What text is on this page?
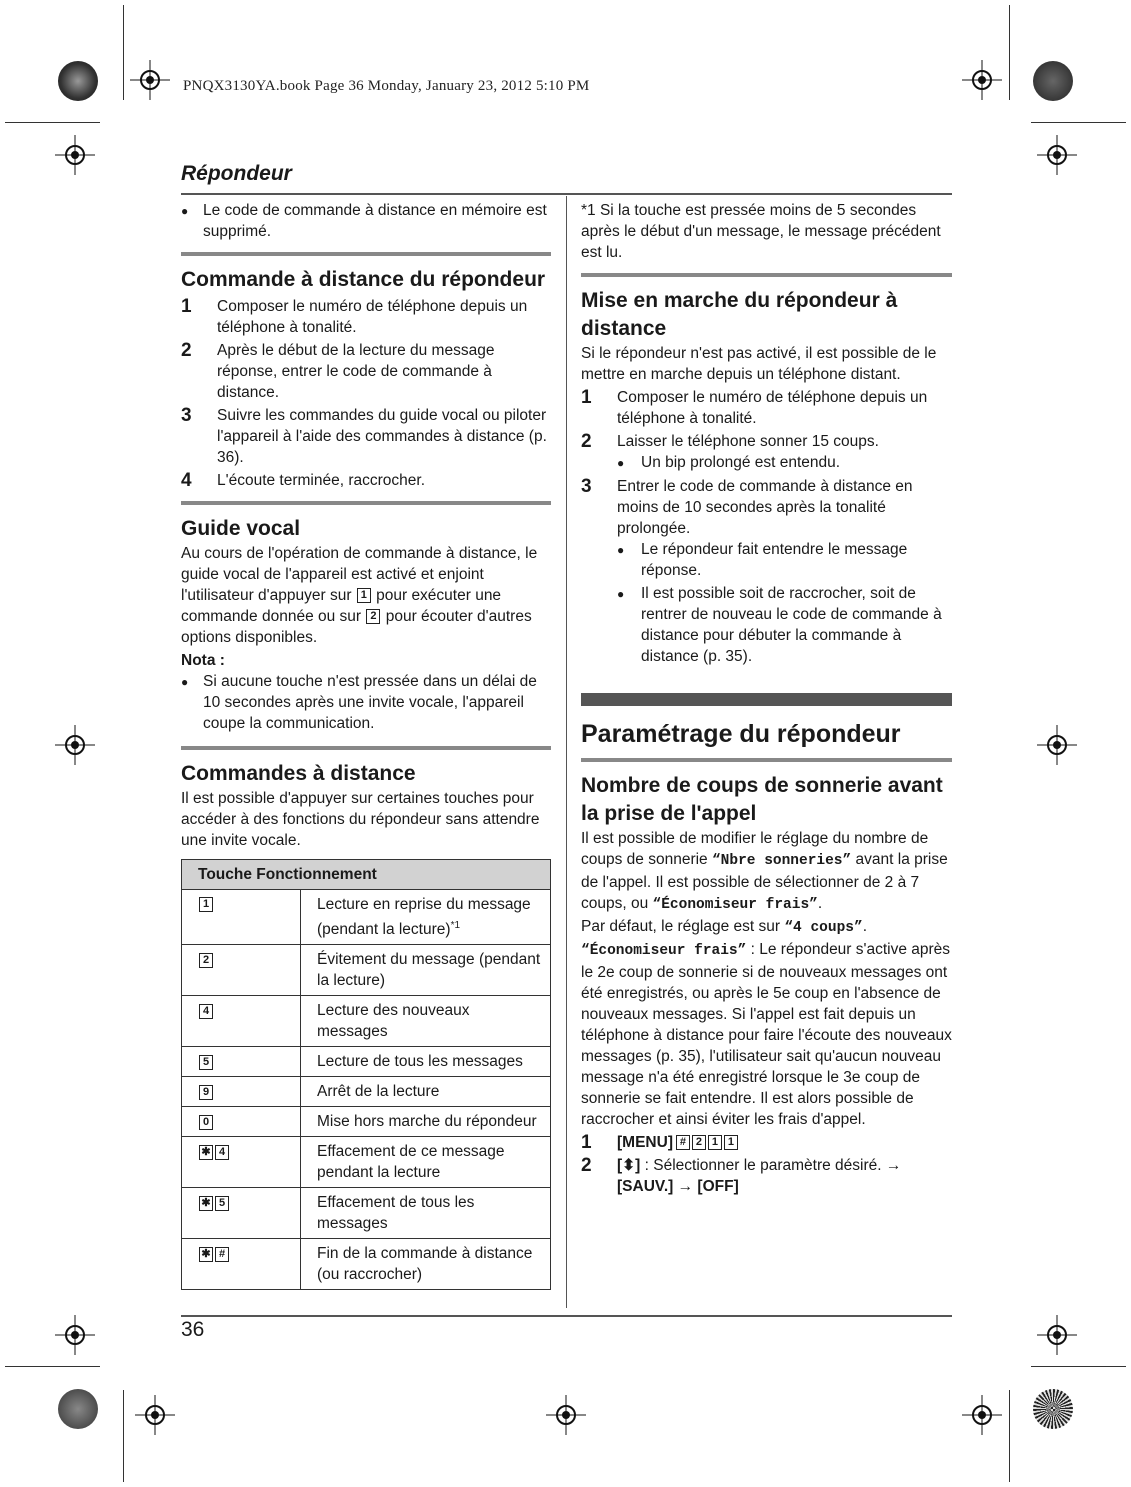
PNQX3130YA.book Page 36 Monday, January 23, 2012 5:10 PM
Répondeur
● Le code de commande à distance en mémoire est supprimé.
Commande à distance du répondeur
1	Composer le numéro de téléphone depuis un téléphone à tonalité.
2	Après le début de la lecture du message réponse, entrer le code de commande à distance.
3	Suivre les commandes du guide vocal ou piloter l'appareil à l'aide des commandes à distance (p. 36).
4	L'écoute terminée, raccrocher.
Guide vocal
Au cours de l'opération de commande à distance, le guide vocal de l'appareil est activé et enjoint l'utilisateur d'appuyer sur 1 pour exécuter une commande donnée ou sur 2 pour écouter d'autres options disponibles.
Nota :
● Si aucune touche n'est pressée dans un délai de 10 secondes après une invite vocale, l'appareil coupe la communication.
Commandes à distance
Il est possible d'appuyer sur certaines touches pour accéder à des fonctions du répondeur sans attendre une invite vocale.
Touche Fonctionnement	
1	Lecture en reprise du message (pendant la lecture)$^{*1}$
2	Évitement du message (pendant la lecture)
4	Lecture des nouveaux messages
5	Lecture de tous les messages
9	Arrêt de la lecture
0	Mise hors marche du répondeur
✱ 4	Effacement de ce message pendant la lecture
✱ 5	Effacement de tous les messages
✱ #	Fin de la commande à distance (ou raccrocher)
*1 Si la touche est pressée moins de 5 secondes après le début d'un message, le message précédent est lu.
Mise en marche du répondeur à distance
Si le répondeur n'est pas activé, il est possible de le mettre en marche depuis un téléphone distant.
1	Composer le numéro de téléphone depuis un téléphone à tonalité.
2	Laisser le téléphone sonner 15 coups.
●	Un bip prolongé est entendu.
3	Entrer le code de commande à distance en moins de 10 secondes après la tonalité prolongée.
●	Le répondeur fait entendre le message réponse.
●	Il est possible soit de raccrocher, soit de rentrer de nouveau le code de commande à distance pour débuter la commande à distance (p. 35).
Paramétrage du répondeur
Nombre de coups de sonnerie avant la prise de l'appel
Il est possible de modifier le réglage du nombre de coups de sonnerie “Nbre sonneries” avant la prise de l'appel. Il est possible de sélectionner de 2 à 7 coups, ou “Économiseur frais”.
Par défaut, le réglage est sur “4 coups”.
“Économiseur frais” : Le répondeur s'active après le 2e coup de sonnerie si de nouveaux messages ont été enregistrés, ou après le 5e coup en l'absence de nouveaux messages. Si l'appel est fait depuis un téléphone à distance pour faire l'écoute des nouveaux messages (p. 35), l'utilisateur sait qu'aucun nouveau message n'a été enregistré lorsque le 3e coup de sonnerie se fait entendre. Il est alors possible de raccrocher et ainsi éviter les frais d'appel.
1	[MENU] # 2 1 1
2	[⬍] : Sélectionner le paramètre désiré. →
[SAUV.] → [OFF]
36
